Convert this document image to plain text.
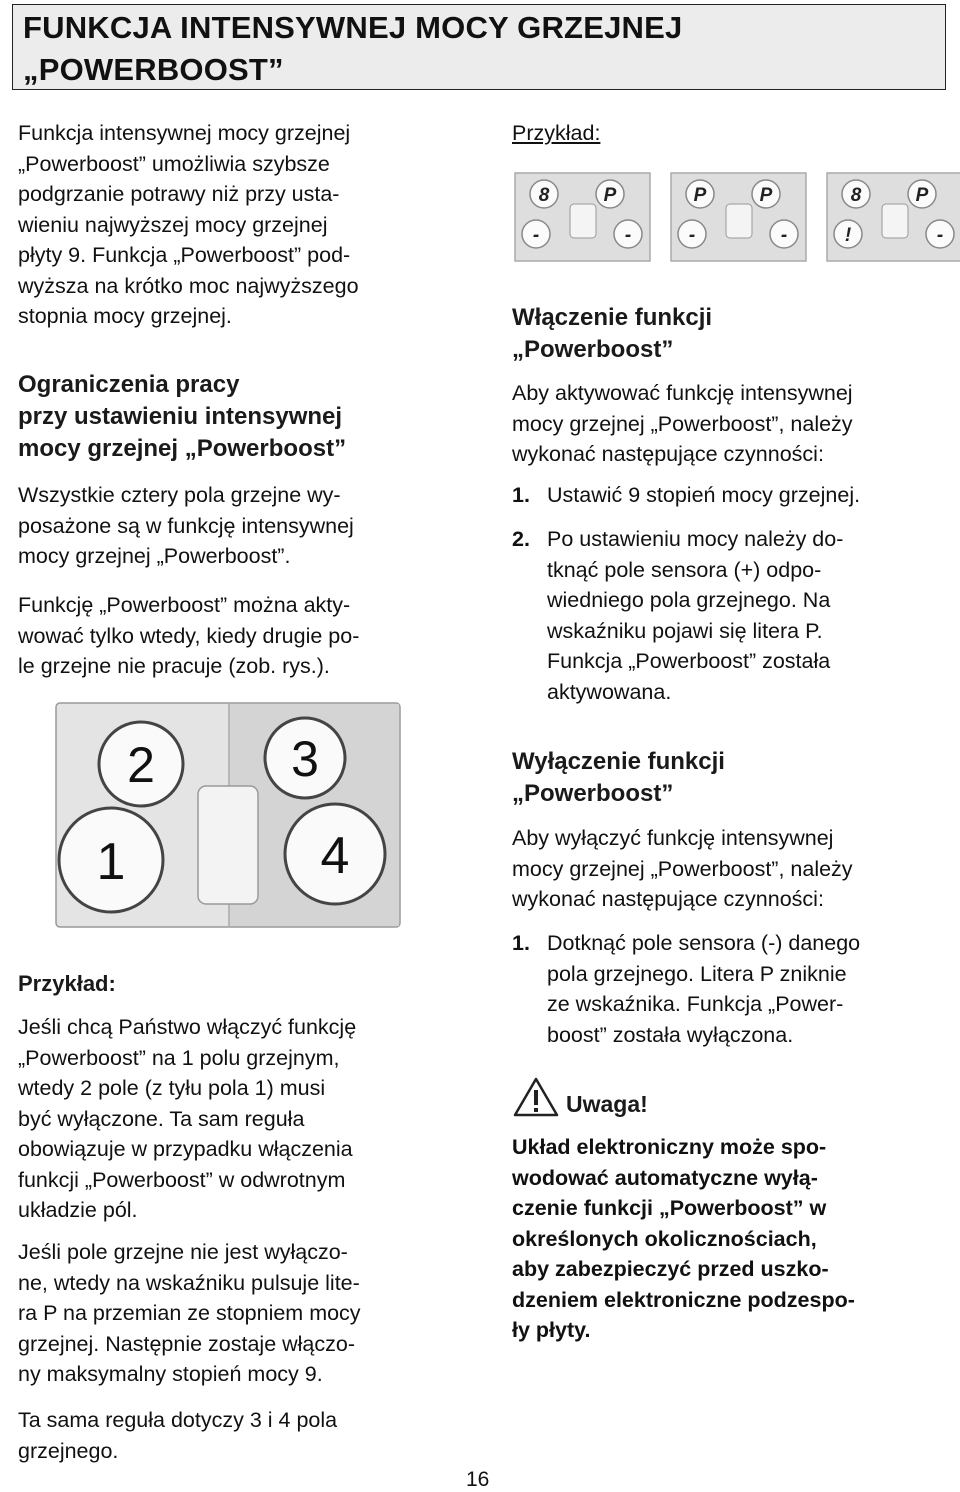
FUNKCJA INTENSYWNEJ MOCY GRZEJNEJ
„POWERBOOST”

Funkcja intensywnej mocy grzejnej
„Powerboost” umożliwia szybsze
podgrzanie potrawy niż przy usta-
wieniu najwyższej mocy grzejnej
płyty 9. Funkcja „Powerboost” pod-
wyższa na krótko moc najwyższego
stopnia mocy grzejnej.

Ograniczenia pracy
przy ustawieniu intensywnej
mocy grzejnej „Powerboost”

Wszystkie cztery pola grzejne wy-
posażone są w funkcję intensywnej
mocy grzejnej „Powerboost”.

Funkcję „Powerboost” można akty-
wować tylko wtedy, kiedy drugie po-
le grzejne nie pracuje (zob. rys.).

2	3
1	4
Przykład:

Jeśli chcą Państwo włączyć funkcję
„Powerboost” na 1 polu grzejnym,
wtedy 2 pole (z tyłu pola 1) musi
być wyłączone. Ta sam reguła
obowiązuje w przypadku włączenia
funkcji „Powerboost” w odwrotnym
układzie pól.

Jeśli pole grzejne nie jest wyłączo-
ne, wtedy na wskaźniku pulsuje lite-
ra P na przemian ze stopniem mocy
grzejnej. Następnie zostaje włączo-
ny maksymalny stopień mocy 9.

Ta sama reguła dotyczy 3 i 4 pola
grzejnego.

Przykład:

8	P
-	-
P	P
-	-
8	P
!	-
Włączenie funkcji
„Powerboost”

Aby aktywować funkcję intensywnej
mocy grzejnej „Powerboost”, należy
wykonać następujące czynności:

1. Ustawić 9 stopień mocy grzejnej.
2. Po ustawieniu mocy należy do-
tknąć pole sensora (+) odpo-
wiedniego pola grzejnego. Na
wskaźniku pojawi się litera P.
Funkcja „Powerboost” została
aktywowana.
Wyłączenie funkcji
„Powerboost”

Aby wyłączyć funkcję intensywnej
mocy grzejnej „Powerboost”, należy
wykonać następujące czynności:

1. Dotknąć pole sensora (-) danego
pola grzejnego. Litera P zniknie
ze wskaźnika. Funkcja „Power-
boost” została wyłączona.
Uwaga!

Układ elektroniczny może spo-
wodować automatyczne wyłą-
czenie funkcji „Powerboost” w
określonych okolicznościach,
aby zabezpieczyć przed uszko-
dzeniem elektroniczne podzespo-
ły płyty.

16
